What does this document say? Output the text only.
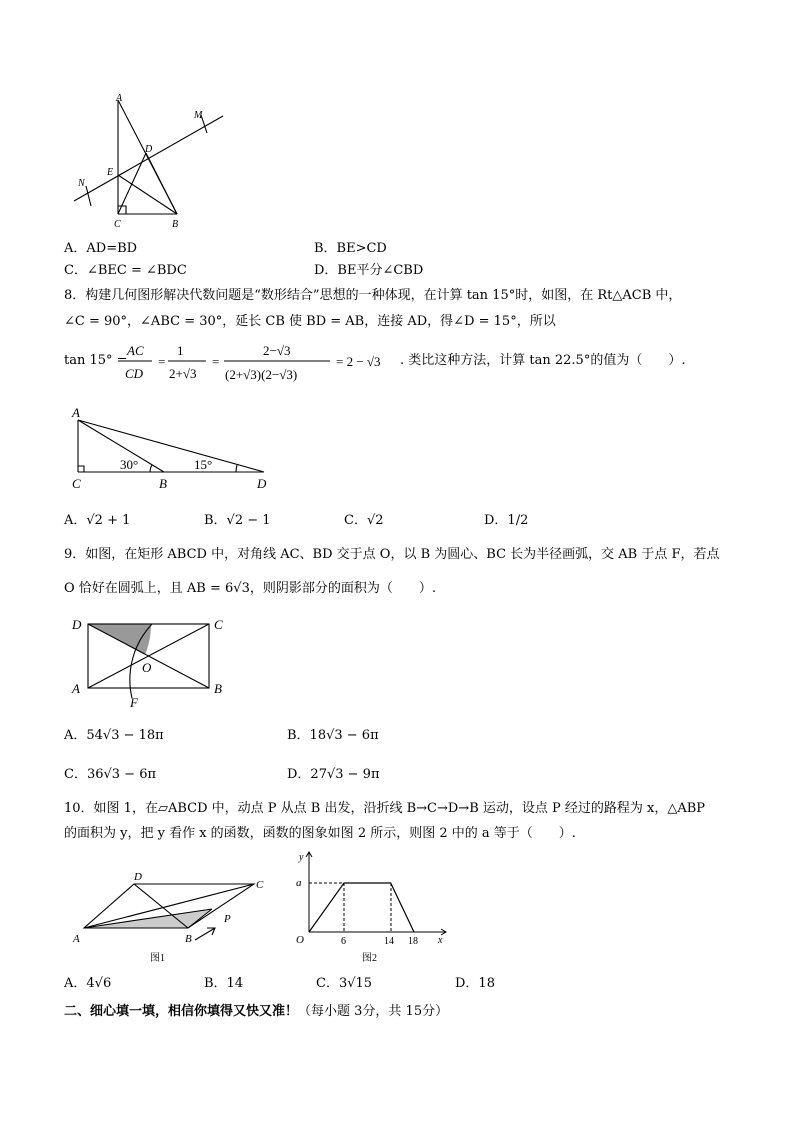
A
M
D
E
N
C	B
A．AD=BD	B．BE>CD
C．∠BEC = ∠BDC	D．BE平分∠CBD
8．构建几何图形解决代数问题是“数形结合”思想的一种体现，在计算 tan 15°时，如图，在 Rt△ACB 中，
∠C = 90°，∠ABC = 30°，延长 CB 使 BD = AB，连接 AD，得∠D = 15°，所以
tan 15° =
AC
CD
=
1
2+√3
=
2−√3
(2+√3)(2−√3)
= 2 − √3 . 类比这种方法，计算 tan 22.5°的值为（　　）.
A
C	B	D
30°	15°
A．√2 + 1	B．√2 − 1	C．√2	D．1/2
9．如图，在矩形 ABCD 中，对角线 AC、BD 交于点 O，以 B 为圆心、BC 长为半径画弧，交 AB 于点 F，若点
O 恰好在圆弧上，且 AB = 6√3，则阴影部分的面积为（　　）.
D	C
O
A	B
F
A．54√3 − 18π	B．18√3 − 6π
C．36√3 − 6π	D．27√3 − 9π
10．如图 1，在▱ABCD 中，动点 P 从点 B 出发，沿折线 B→C→D→B 运动，设点 P 经过的路程为 x，△ABP
的面积为 y，把 y 看作 x 的函数，函数的图象如图 2 所示，则图 2 中的 a 等于（　　）.
D
C
A	B
P
图1
y
a
O	6	14 18 x
图2
A．4√6	B．14	C．3√15	D．18
二、细心填一填，相信你填得又快又准！（每小题 3分，共 15分）
